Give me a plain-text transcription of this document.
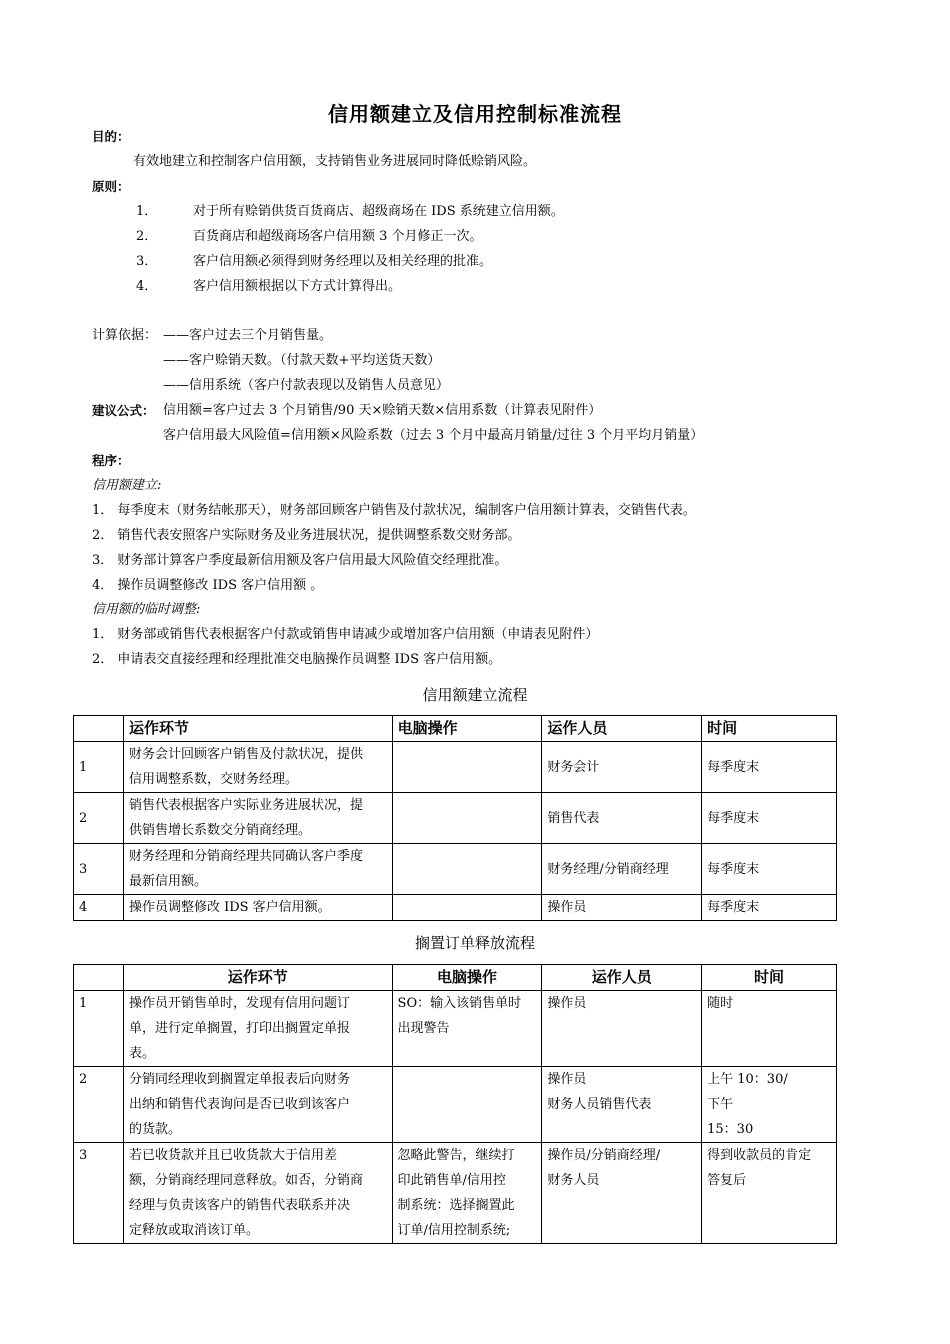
信用额建立及信用控制标准流程
目的：
有效地建立和控制客户信用额，支持销售业务进展同时降低赊销风险。
原则：
1．	对于所有赊销供货百货商店、超级商场在 IDS 系统建立信用额。
2．	百货商店和超级商场客户信用额 3 个月修正一次。
3．	客户信用额必须得到财务经理以及相关经理的批准。
4．	客户信用额根据以下方式计算得出。
计算依据： ——客户过去三个月销售量。
——客户赊销天数。（付款天数+平均送货天数）
——信用系统（客户付款表现以及销售人员意见）
建议公式： 信用额=客户过去 3 个月销售/90 天×赊销天数×信用系数（计算表见附件）
客户信用最大风险值=信用额×风险系数（过去 3 个月中最高月销量/过往 3 个月平均月销量）
程序：
信用额建立:
1． 每季度末（财务结帐那天），财务部回顾客户销售及付款状况，编制客户信用额计算表，交销售代表。
2． 销售代表安照客户实际财务及业务进展状况，提供调整系数交财务部。
3． 财务部计算客户季度最新信用额及客户信用最大风险值交经理批准。
4． 操作员调整修改 IDS 客户信用额 。
信用额的临时调整:
1． 财务部或销售代表根据客户付款或销售申请减少或增加客户信用额（申请表见附件）
2． 申请表交直接经理和经理批准交电脑操作员调整 IDS 客户信用额。
信用额建立流程
	运作环节	电脑操作	运作人员	时间
1	财务会计回顾客户销售及付款状况，提供
信用调整系数，交财务经理。		财务会计	每季度末
2	销售代表根据客户实际业务进展状况，提
供销售增长系数交分销商经理。		销售代表	每季度末
3	财务经理和分销商经理共同确认客户季度
最新信用额。		财务经理/分销商经理	每季度末
4	操作员调整修改 IDS 客户信用额。		操作员	每季度末
搁置订单释放流程
	运作环节	电脑操作	运作人员	时间
1	操作员开销售单时，发现有信用问题订
单，进行定单搁置，打印出搁置定单报
表。	SO：输入该销售单时
出现警告	操作员	随时
2	分销同经理收到搁置定单报表后向财务
出纳和销售代表询问是否已收到该客户
的货款。		操作员
财务人员销售代表	上午 10：30/
下午
15：30
3	若已收货款并且已收货款大于信用差
额，分销商经理同意释放。如否，分销商
经理与负责该客户的销售代表联系并决
定释放或取消该订单。	忽略此警告，继续打
印此销售单/信用控
制系统：选择搁置此
订单/信用控制系统;	操作员/分销商经理/
财务人员	得到收款员的肯定
答复后
